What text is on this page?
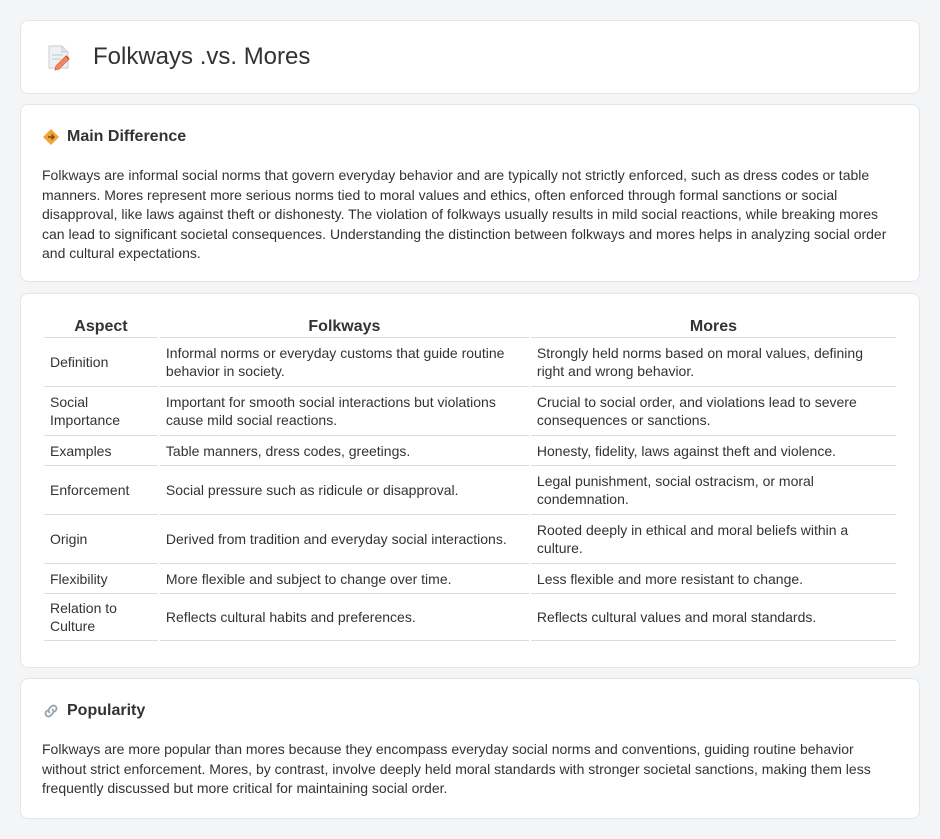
Folkways .vs. Mores
Main Difference

Folkways are informal social norms that govern everyday behavior and are typically not strictly enforced, such as dress codes or table manners. Mores represent more serious norms tied to moral values and ethics, often enforced through formal sanctions or social disapproval, like laws against theft or dishonesty. The violation of folkways usually results in mild social reactions, while breaking mores can lead to significant societal consequences. Understanding the distinction between folkways and mores helps in analyzing social order and cultural expectations.

Aspect	Folkways	Mores
Definition	Informal norms or everyday customs that guide routine behavior in society.	Strongly held norms based on moral values, defining right and wrong behavior.
Social Importance	Important for smooth social interactions but violations cause mild social reactions.	Crucial to social order, and violations lead to severe consequences or sanctions.
Examples	Table manners, dress codes, greetings.	Honesty, fidelity, laws against theft and violence.
Enforcement	Social pressure such as ridicule or disapproval.	Legal punishment, social ostracism, or moral condemnation.
Origin	Derived from tradition and everyday social interactions.	Rooted deeply in ethical and moral beliefs within a culture.
Flexibility	More flexible and subject to change over time.	Less flexible and more resistant to change.
Relation to Culture	Reflects cultural habits and preferences.	Reflects cultural values and moral standards.
Popularity

Folkways are more popular than mores because they encompass everyday social norms and conventions, guiding routine behavior without strict enforcement. Mores, by contrast, involve deeply held moral standards with stronger societal sanctions, making them less frequently discussed but more critical for maintaining social order.
